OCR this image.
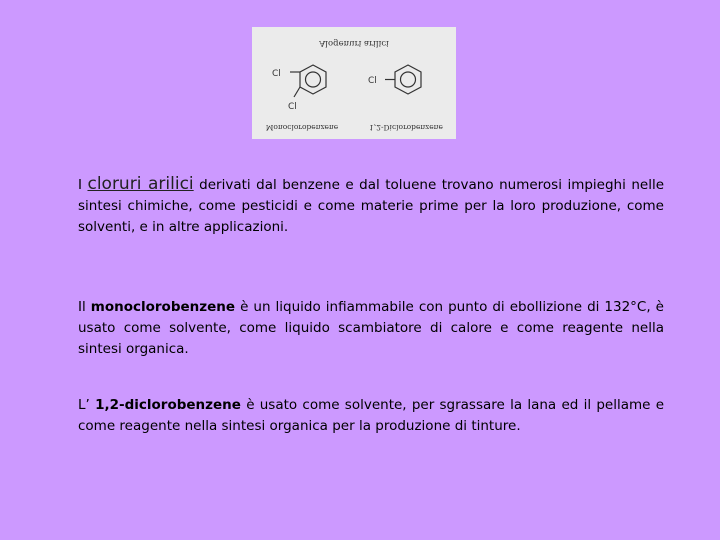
Alogenuri arilici
Monoclorobenzene	1,2-Diclorobenzene
Cl
Cl
Cl

I cloruri arilici derivati dal benzene e dal toluene trovano numerosi impieghi nelle sintesi chimiche, come pesticidi e come materie prime per la loro produzione, come solventi, e in altre applicazioni.

Il monoclorobenzene è un liquido infiammabile con punto di ebollizione di 132°C, è usato come solvente, come liquido scambiatore di calore e come reagente nella sintesi organica.

L’ 1,2-diclorobenzene è usato come solvente, per sgrassare la lana ed il pellame e come reagente nella sintesi organica per la produzione di tinture.
